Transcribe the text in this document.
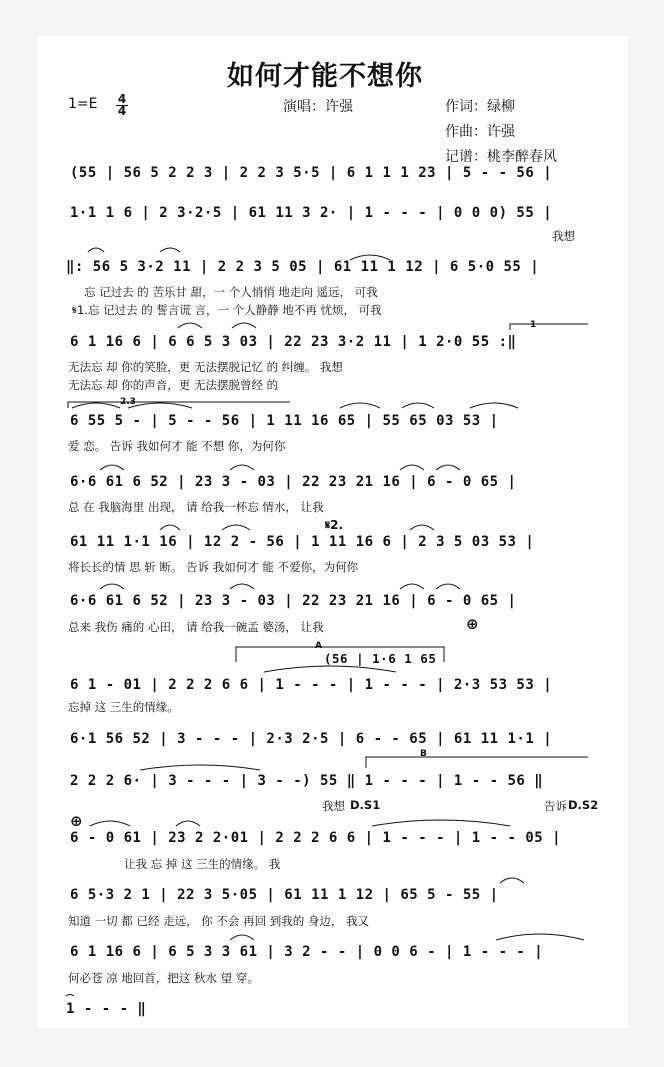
如何才能不想你
$1=E \frac{4}{4}$	演唱：许强	作词：绿柳
作曲：许强
记谱：桃李醉春风
(55 | 56 5 2 2 3 | 2 2 3 5·5 | 6 1 1 1 23 | 5 - - 56 |
1·1 1 6 | 2 3·2·5 | 61 11 3 2· | 1 - - - | 0 0 0) 55 |
我想
‖: 56 5 3·2 11 | 2 2 3 5 05 | 61 11 1 12 | 6 5·0 55 |
忘 记过去 的 苦乐甘 甜，一 个人悄悄 地走向 遥远， 可我
𝄋1.忘 记过去 的 誓言谎 言，一 个人静静 地不再 忧烦， 可我
6 1 16 6 | 6 6 5 3 03 | 22 23 3·2 11 | 1 2·0 55 :‖
无法忘 却 你的笑脸，更 无法摆脱记忆 的 纠缠。 我想
无法忘 却 你的声音，更 无法摆脱曾经 的
6 55 5 - | 5 - - 56 | 1 11 16 65 | 55 65 03 53 |
爱 恋。 告诉 我如何才 能 不想 你，为何你
6·6 61 6 52 | 23 3 - 03 | 22 23 21 16 | 6 - 0 65 |
总 在 我脑海里 出现， 请 给我一杯忘 情水， 让我
61 11 1·1 16 | 12 2 - 56 | 1 11 16 6 | 2 3 5 03 53 |
将长长的情 思 斩 断。 告诉 我如何才 能 不爱你，为何你
6·6 61 6 52 | 23 3 - 03 | 22 23 21 16 | 6 - 0 65 |
总来 我伤 痛的 心田， 请 给我一碗孟 婆汤， 让我
(56 | 1·6 1 65
6 1 - 01 | 2 2 2 6 6 | 1 - - - | 1 - - - | 2·3 53 53 |
忘掉 这 三生的情缘。
6·1 56 52 | 3 - - - | 2·3 2·5 | 6 - - 65 | 61 11 1·1 |
2 2 2 6· | 3 - - - | 3 - -) 55 ‖ 1 - - - | 1 - - 56 ‖
我想 D.S1	告诉 D.S2
6 - 0 61 | 23 2 2·01 | 2 2 2 6 6 | 1 - - - | 1 - - 05 |
让我 忘 掉 这 三生的情缘。 我
6 5·3 2 1 | 22 3 5·05 | 61 11 1 12 | 65 5 - 55 |
知道 一切 都 已经 走远， 你 不会 再回 到我的 身边， 我又
6 1 16 6 | 6 5 3 3 61 | 3 2 - - | 0 0 6 - | 1 - - - |
何必苍 凉 地回首，把这 秋水 望 穿。
1 - - - ‖
𝄋2.
⊕
⊕
1
2.3
A
B
